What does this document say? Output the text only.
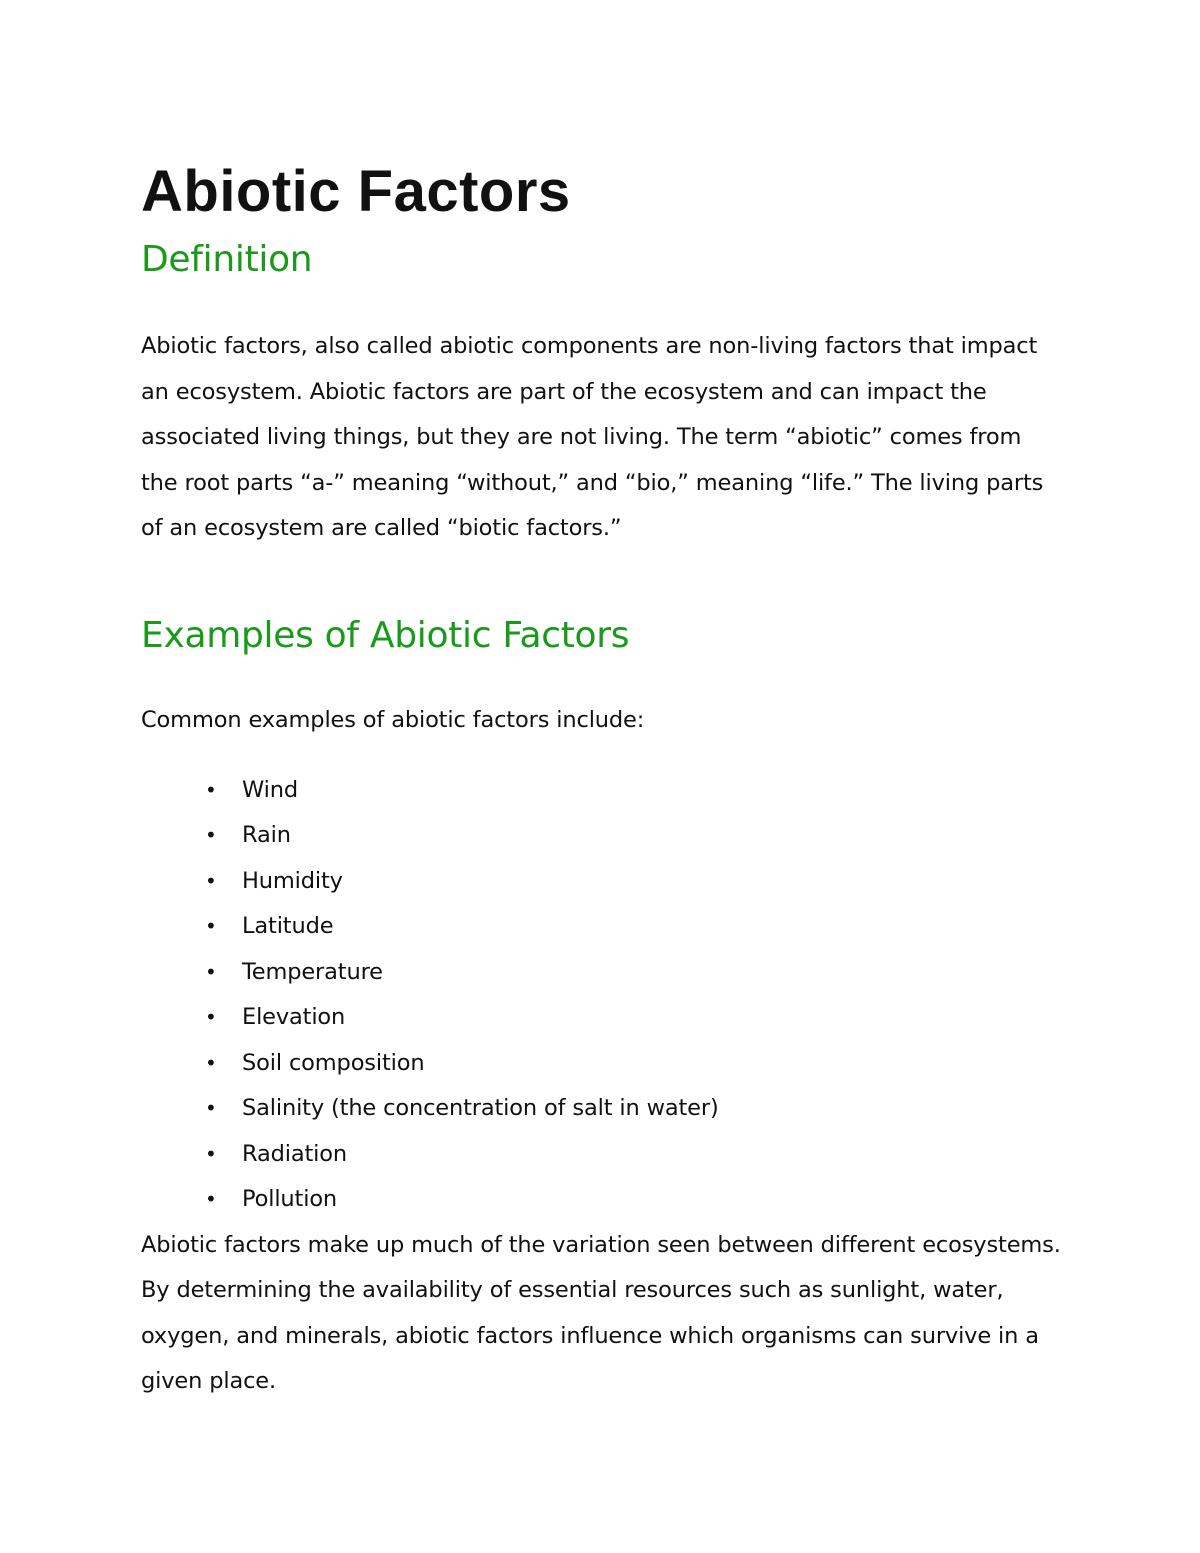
Abiotic Factors
Definition

Abiotic factors, also called abiotic components are non-living factors that impact an ecosystem. Abiotic factors are part of the ecosystem and can impact the associated living things, but they are not living. The term “abiotic” comes from the root parts “a-” meaning “without,” and “bio,” meaning “life.” The living parts of an ecosystem are called “biotic factors.”

Examples of Abiotic Factors

Common examples of abiotic factors include:

• Wind
• Rain
• Humidity
• Latitude
• Temperature
• Elevation
• Soil composition
• Salinity (the concentration of salt in water)
• Radiation
• Pollution

Abiotic factors make up much of the variation seen between different ecosystems. By determining the availability of essential resources such as sunlight, water, oxygen, and minerals, abiotic factors influence which organisms can survive in a given place.
